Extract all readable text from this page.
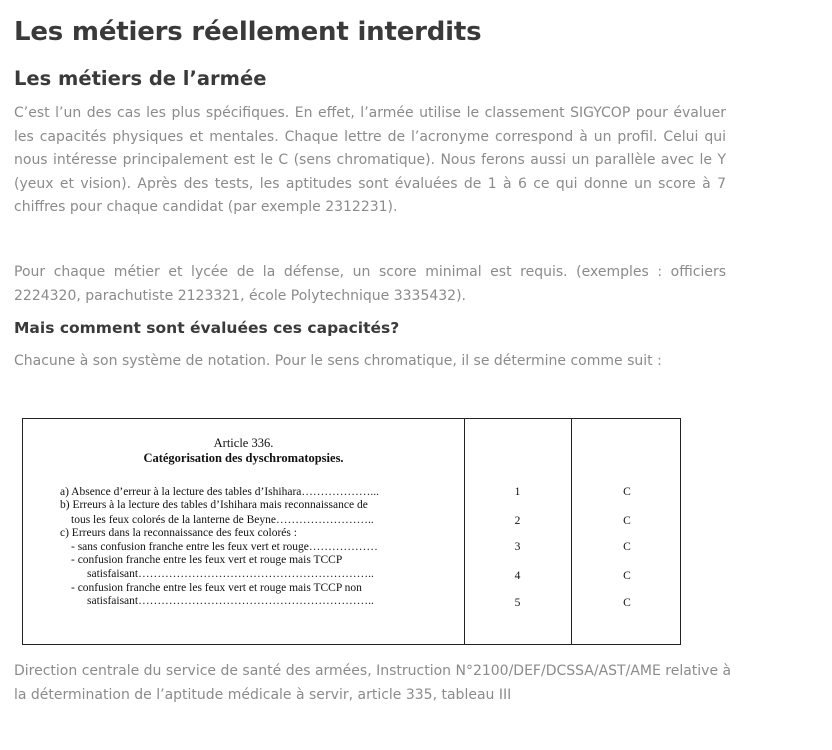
Les métiers réellement interdits
Les métiers de l’armée
C’est l’un des cas les plus spécifiques. En effet, l’armée utilise le classement SIGYCOP pour évaluer les capacités physiques et mentales. Chaque lettre de l’acronyme correspond à un profil. Celui qui nous intéresse principalement est le C (sens chromatique). Nous ferons aussi un parallèle avec le Y (yeux et vision). Après des tests, les aptitudes sont évaluées de 1 à 6 ce qui donne un score à 7 chiffres pour chaque candidat (par exemple 2312231).
Pour chaque métier et lycée de la défense, un score minimal est requis. (exemples : officiers 2224320, parachutiste 2123321, école Polytechnique 3335432).
Mais comment sont évaluées ces capacités?
Chacune à son système de notation. Pour le sens chromatique, il se détermine comme suit :
Direction centrale du service de santé des armées, Instruction N°2100/DEF/DCSSA/AST/AME relative à la détermination de l’aptitude médicale à servir, article 335, tableau III
Article 336.
Catégorisation des dyschromatopsies.
a) Absence d’erreur à la lecture des tables d’Ishihara………………...
b) Erreurs à la lecture des tables d’Ishihara mais reconnaissance de
tous les feux colorés de la lanterne de Beyne……………………..
c) Erreurs dans la reconnaissance des feux colorés :
- sans confusion franche entre les feux vert et rouge………………
- confusion franche entre les feux vert et rouge mais TCCP
satisfaisant……………………………………………………..
- confusion franche entre les feux vert et rouge mais TCCP non
satisfaisant……………………………………………………..
1
2
3
4
5
C
C
C
C
C
